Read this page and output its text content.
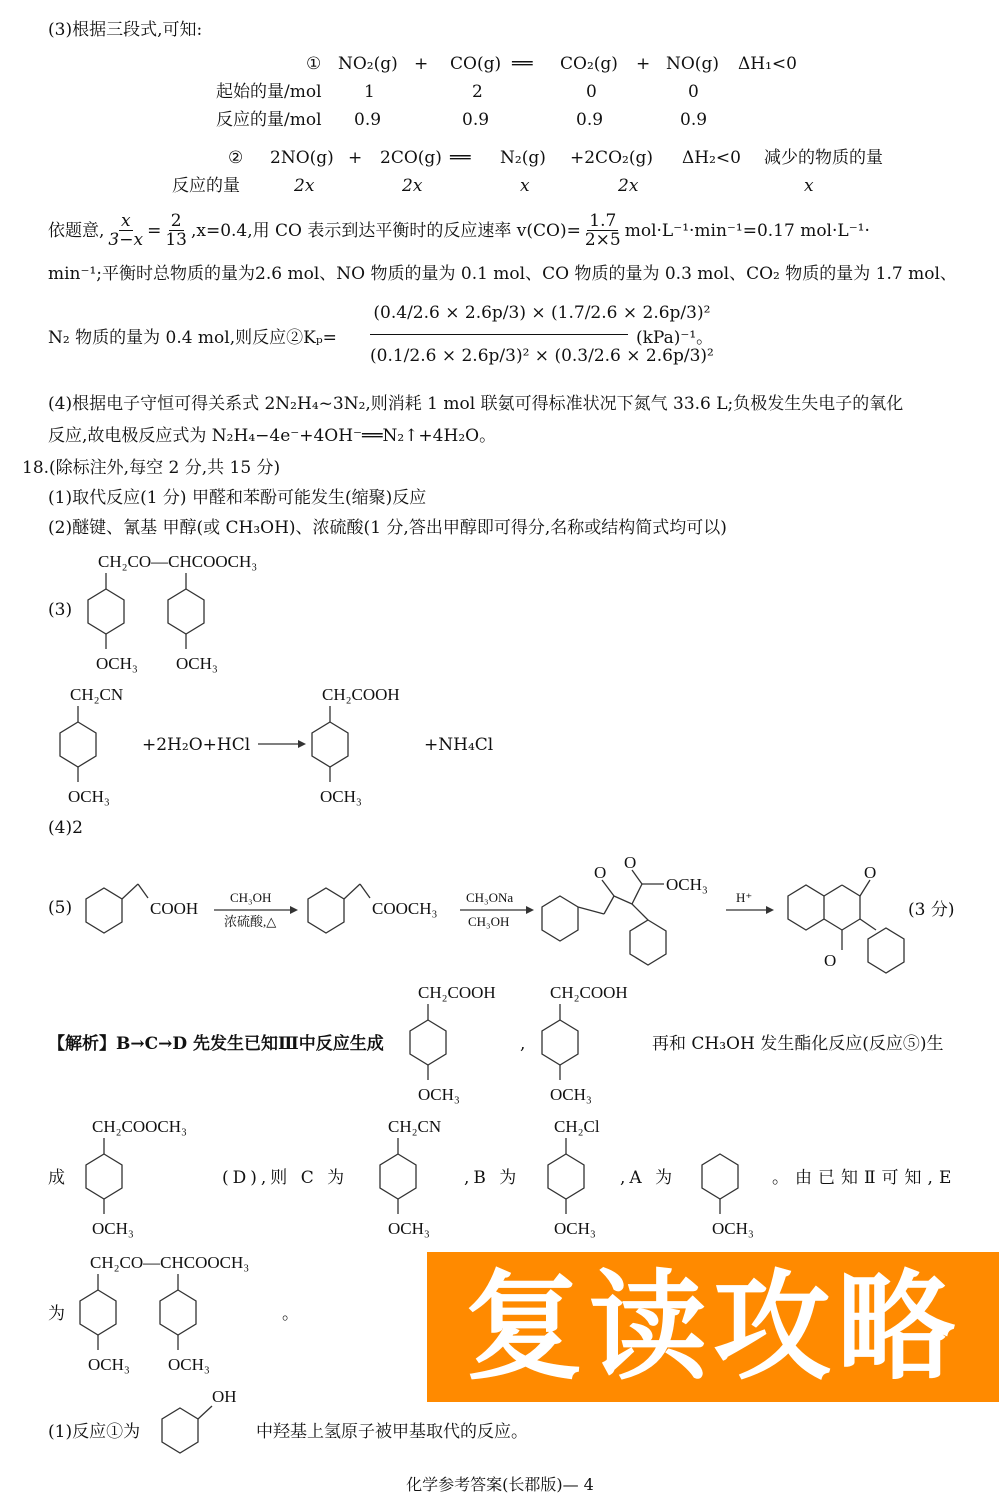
(3)根据三段式,可知:
① NO₂(g) + CO(g) ══ CO₂(g) + NO(g) ΔH₁<0
起始的量/mol 1	2	0	0
反应的量/mol 0.9	0.9	0.9	0.9
② 2NO(g) + 2CO(g) ══ N₂(g) +2CO₂(g) ΔH₂<0 减少的物质的量
反应的量	2x	2x	x	2x	x
依题意, $\frac{x}{3-x} = \frac{2}{13} ,x=0.4$,用 CO 表示到达平衡时的反应速率 $v(CO)= \frac{1.7}{2\times 5} mol\cdot L^{-1}\cdot\min^{-1}=0.17$ mol·L⁻¹·
min⁻¹;平衡时总物质的量为2.6 mol、NO 物质的量为 0.1 mol、CO 物质的量为 0.3 mol、CO₂ 物质的量为 1.7 mol、
N₂ 物质的量为 0.4 mol,则反应②Kₚ=
(0.4/2.6 × 2.6p/3) × (1.7/2.6 × 2.6p/3)²
(0.1/2.6 × 2.6p/3)² × (0.3/2.6 × 2.6p/3)²
(kPa)⁻¹。
(4)根据电子守恒可得关系式 2N₂H₄~3N₂,则消耗 1 mol 联氨可得标准状况下氮气 33.6 L;负极发生失电子的氧化
反应,故电极反应式为 N₂H₄−4e⁻+4OH⁻══N₂↑+4H₂O。
18.(除标注外,每空 2 分,共 15 分)
(1)取代反应(1 分) 甲醛和苯酚可能发生(缩聚)反应
(2)醚键、氰基 甲醇(或 CH₃OH)、浓硫酸(1 分,答出甲醇即可得分,名称或结构简式均可以)
(3)
CH₂CO—CHCOOCH₃
OCH₃ OCH₃
CH₂CN
OCH₃
+2H₂O+HCl →
CH₂COOH
OCH₃
+NH₄Cl
(4)2
(5)	COOH
CH₃OH
浓硫酸,△
COOCH₃
CH₃ONa
CH₃OH
O
O
OCH₃
H⁺
O
O
(3 分)
【解析】B→C→D 先发生已知Ⅲ中反应生成
CH₂COOH
OCH₃
,
CH₂COOH
OCH₃
再和 CH₃OH 发生酯化反应(反应⑤)生
成
CH₂COOCH₃
OCH₃
(D),则 C 为
CH₂CN
OCH₃
,B 为
CH₂Cl
OCH₃
,A 为
OCH₃
。由已知Ⅱ可知,E
为
CH₂CO—CHCOOCH₃
OCH₃ OCH₃
。
(1)反应①为
OH
中羟基上氢原子被甲基取代的反应。
复读攻略
化学参考答案(长郡版)— 4
